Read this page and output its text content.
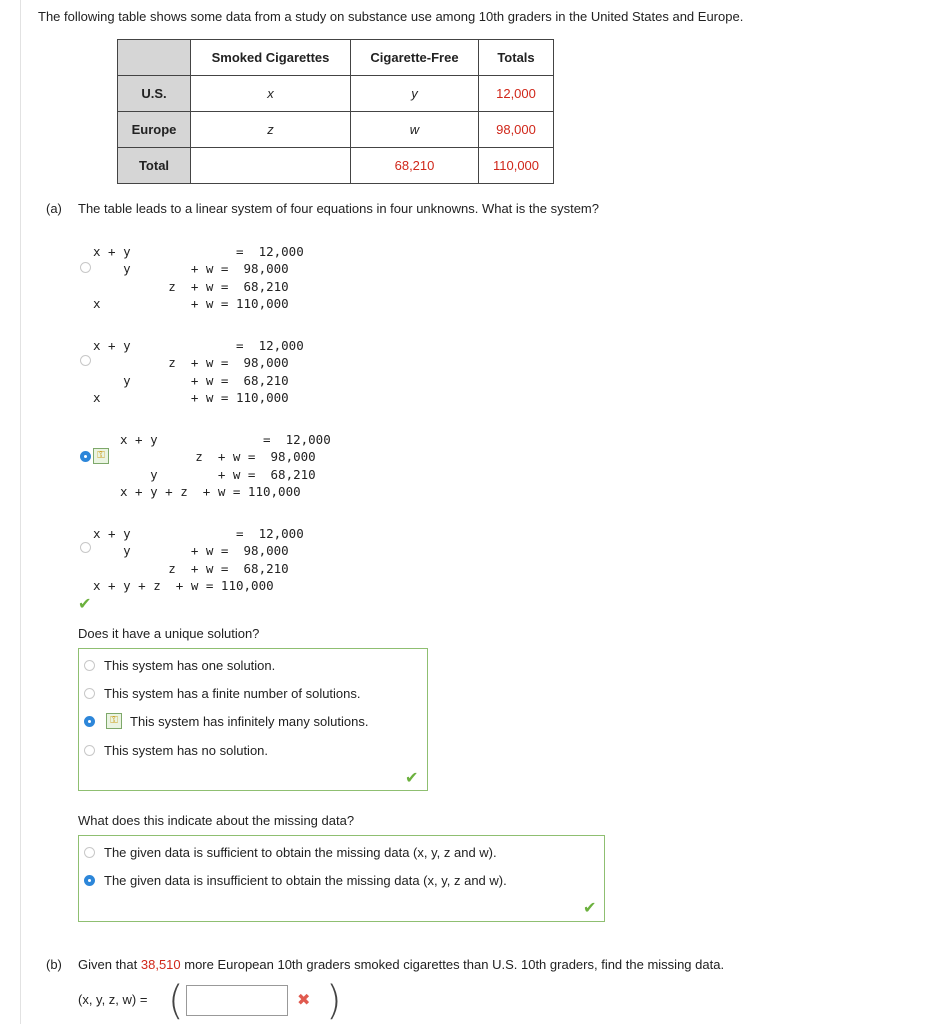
The following table shows some data from a study on substance use among 10th graders in the United States and Europe.
	Smoked Cigarettes	Cigarette-Free	Totals
U.S.	x	y	12,000
Europe	z	w	98,000
Total		68,210	110,000
(a) The table leads to a linear system of four equations in four unknowns. What is the system?

x + y              =  12,000
y        + w =  98,000
z  + w =  68,210
x            + w = 110,000

x + y              =  12,000
z  + w =  98,000
y        + w =  68,210
x            + w = 110,000

⚿

x + y              =  12,000
z  + w =  98,000
y        + w =  68,210
x + y + z  + w = 110,000

x + y              =  12,000
y        + w =  98,000
z  + w =  68,210
x + y + z  + w = 110,000

✔
Does it have a unique solution?
This system has one solution.
This system has a finite number of solutions.
⚿ This system has infinitely many solutions.
This system has no solution.
✔
What does this indicate about the missing data?
The given data is sufficient to obtain the missing data (x, y, z and w).
The given data is insufficient to obtain the missing data (x, y, z and w).
✔
(b) Given that 38,510 more European 10th graders smoked cigarettes than U.S. 10th graders, find the missing data.
(x, y, z, w) = (	✖ )
